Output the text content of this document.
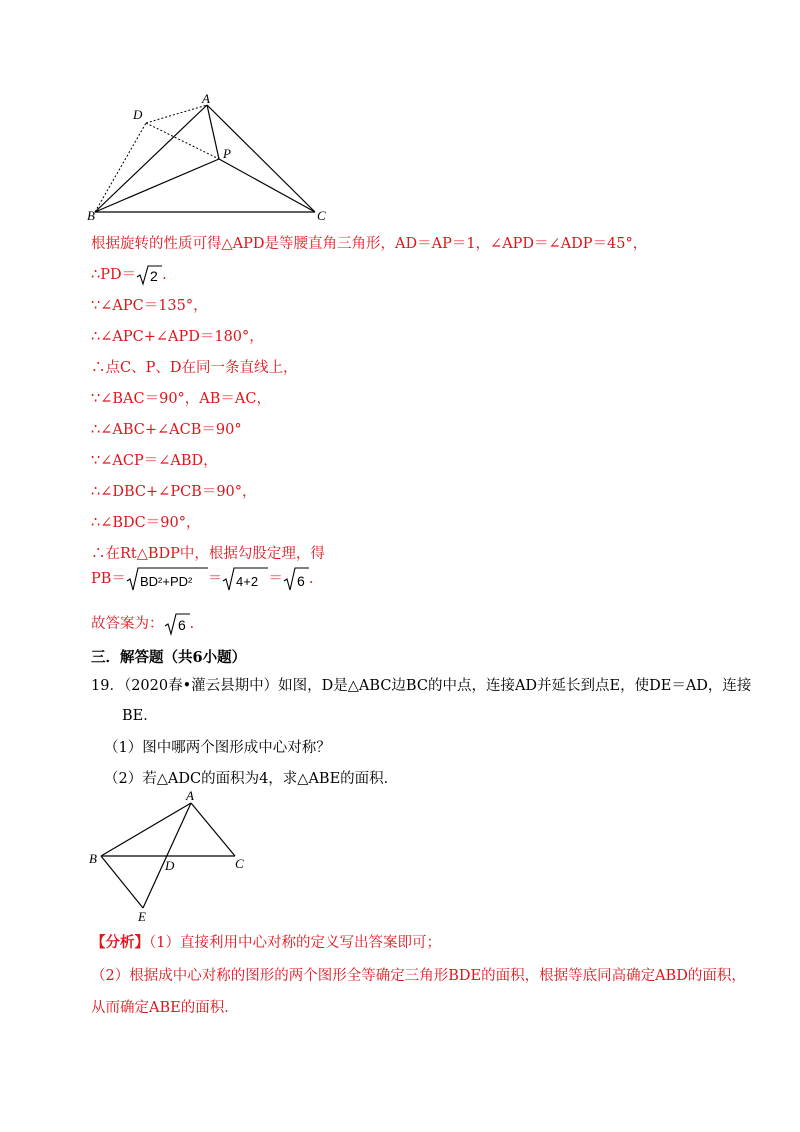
A
D
P
B	C
根据旋转的性质可得△APD是等腰直角三角形，AD＝AP＝1，∠APD＝∠ADP＝45°，
∴PD＝ 2 .
∵∠APC＝135°，
∴∠APC+∠APD＝180°，
∴点C、P、D在同一条直线上，
∵∠BAC＝90°，AB＝AC，
∴∠ABC+∠ACB＝90°
∵∠ACP＝∠ABD，
∴∠DBC+∠PCB＝90°，
∴∠BDC＝90°，
∴在Rt△BDP中，根据勾股定理，得
PB＝ BD²+PD² ＝ 4+2 ＝ 6 .
故答案为： 6 .
三．解答题（共6小题）
19．（2020春•灌云县期中）如图，D是△ABC边BC的中点，连接AD并延长到点E，使DE＝AD，连接
BE．
（1）图中哪两个图形成中心对称？
（2）若△ADC的面积为4，求△ABE的面积．
A
B	C
D
E
【分析】（1）直接利用中心对称的定义写出答案即可；
（2）根据成中心对称的图形的两个图形全等确定三角形BDE的面积，根据等底同高确定ABD的面积，
从而确定ABE的面积．
